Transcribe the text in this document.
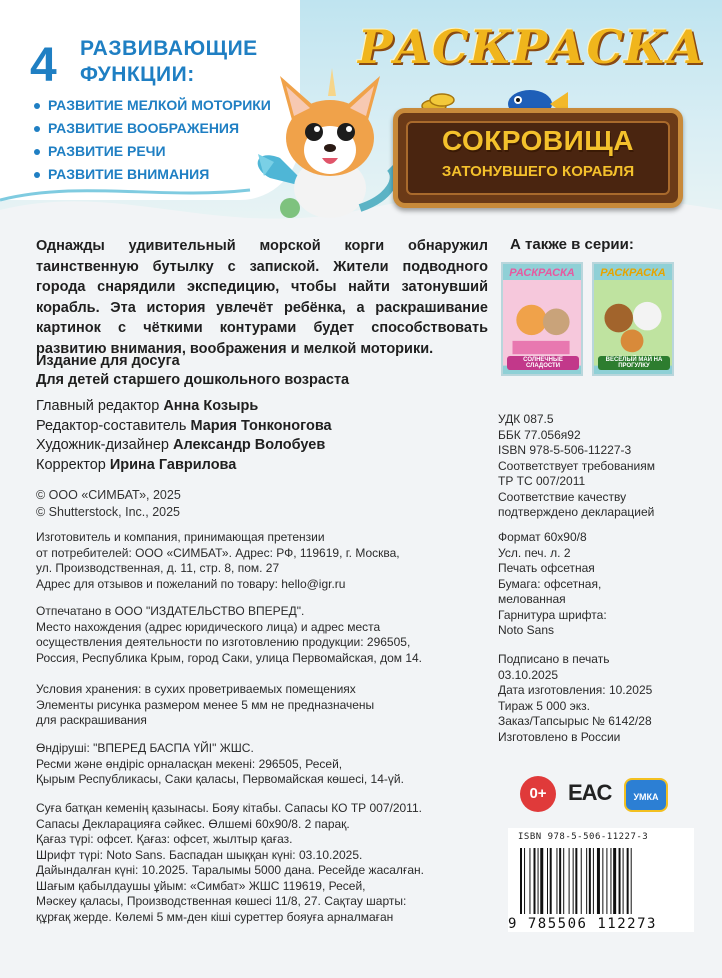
4 РАЗВИВАЮЩИЕ
ФУНКЦИИ:
РАЗВИТИЕ МЕЛКОЙ МОТОРИКИ
РАЗВИТИЕ ВООБРАЖЕНИЯ
РАЗВИТИЕ РЕЧИ
РАЗВИТИЕ ВНИМАНИЯ
РАСКРАСКА
СОКРОВИЩА
ЗАТОНУВШЕГО КОРАБЛЯ

Однажды удивительный морской корги обнаружил таинственную бутылку с запиской. Жители подводного города снарядили экспедицию, чтобы найти затонувший корабль. Эта история увлечёт ребёнка, а раскрашивание картинок с чёткими контурами будет способствовать развитию внимания, воображения и мелкой моторики.

А также в серии:
РАСКРАСКА
СОЛНЕЧНЫЕ СЛАДОСТИ
РАСКРАСКА
ВЕСЁЛЫЙ МАЙ НА ПРОГУЛКУ
Издание для досуга
Для детей старшего дошкольного возраста
Главный редактор Анна Козырь
Редактор-составитель Мария Тонконогова
Художник-дизайнер Александр Волобуев
Корректор Ирина Гаврилова
© ООО «СИМБАТ», 2025
© Shutterstock, Inc., 2025
Изготовитель и компания, принимающая претензии
от потребителей: ООО «СИМБАТ». Адрес: РФ, 119619, г. Москва,
ул. Производственная, д. 11, стр. 8, пом. 27
Адрес для отзывов и пожеланий по товару: hello@igr.ru
Отпечатано в ООО "ИЗДАТЕЛЬСТВО ВПЕРЕД".
Место нахождения (адрес юридического лица) и адрес места
осуществления деятельности по изготовлению продукции: 296505,
Россия, Республика Крым, город Саки, улица Первомайская, дом 14.
Условия хранения: в сухих проветриваемых помещениях
Элементы рисунка размером менее 5 мм не предназначены
для раскрашивания
Өндіруші: "ВПЕРЕД БАСПА ҮЙІ" ЖШС.
Ресми және өндіріс орналасқан мекені: 296505, Ресей,
Қырым Республикасы, Саки қаласы, Первомайская көшесі, 14-үй.
Суға батқан кеменің қазынасы. Бояу кітабы. Сапасы КО ТР 007/2011.
Сапасы Декларацияға сәйкес. Өлшемі 60х90/8. 2 парақ.
Қағаз түрі: офсет. Қағаз: офсет, жылтыр қағаз.
Шрифт түрі: Noto Sans. Баспадан шыққан күні: 03.10.2025.
Дайындалған күні: 10.2025. Таралымы 5000 дана. Ресейде жасалған.
Шағым қабылдаушы ұйым: «Симбат» ЖШС 119619, Ресей,
Мәскеу қаласы, Производственная көшесі 11/8, 27. Сақтау шарты:
құрғақ жерде. Көлемі 5 мм-ден кіші суреттер бояуға арналмаған
УДК 087.5
ББК 77.056я92
ISBN 978-5-506-11227-3
Соответствует требованиям
ТР ТС 007/2011
Соответствие качеству
подтверждено декларацией
Формат 60х90/8
Усл. печ. л. 2
Печать офсетная
Бумага: офсетная,
мелованная
Гарнитура шрифта:
Noto Sans
Подписано в печать
03.10.2025
Дата изготовления: 10.2025
Тираж 5 000 экз.
Заказ/Тапсырыс № 6142/28
Изготовлено в России
0+ EAC	УМКА
ISBN 978-5-506-11227-3
9 785506 112273
